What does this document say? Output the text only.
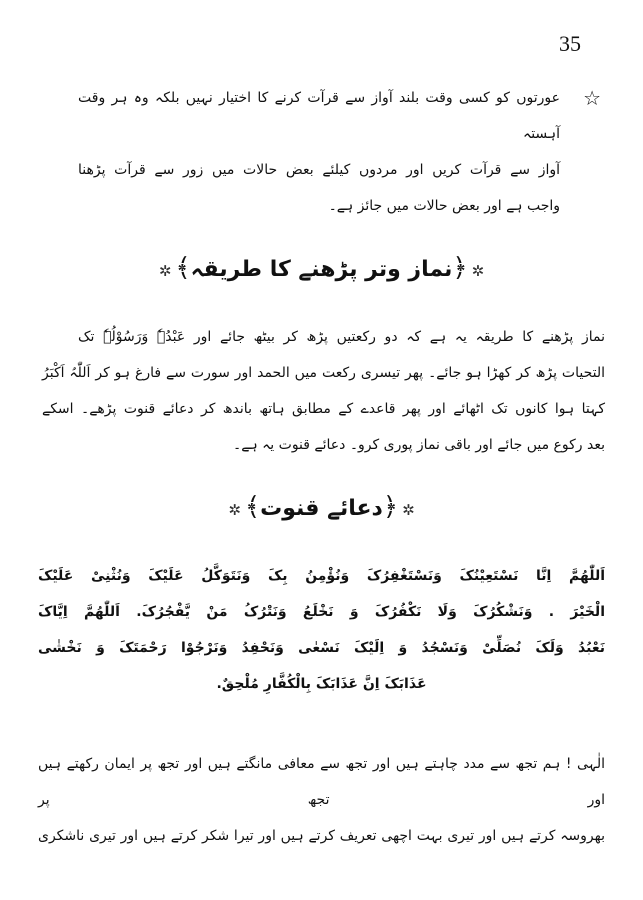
35
☆
عورتوں کو کسی وقت بلند آواز سے قرآت کرنے کا اختیار نہیں بلکہ وہ ہر وقت آہستہ
آواز سے قرآت کریں اور مردوں کیلئے بعض حالات میں زور سے قرآت پڑھنا
واجب ہے اور بعض حالات میں جائز ہے۔
✲﴿نماز وتر پڑھنے کا طریقہ﴾✲
نماز پڑھنے کا طریقہ یہ ہے کہ دو رکعتیں پڑھ کر بیٹھ جائے اور عَبْدُہٗ وَرَسُوْلُہٗ تک
التحیات پڑھ کر کھڑا ہو جائے۔ پھر تیسری رکعت میں الحمد اور سورت سے فارغ ہو کر اَللّٰہُ اَکْبَرُ
کہتا ہوا کانوں تک اٹھائے اور پھر قاعدے کے مطابق ہاتھ باندھ کر دعائے قنوت پڑھے۔ اسکے
بعد رکوع میں جائے اور باقی نماز پوری کرو۔ دعائے قنوت یہ ہے۔
✲﴿دعائے قنوت﴾✲
اَللّٰھُمَّ اِنَّا نَسْتَعِیْنُکَ وَنَسْتَغْفِرُکَ وَنُؤْمِنُ بِکَ وَنَتَوَکَّلُ عَلَیْکَ وَنُثْنِیْ عَلَیْکَ
الْخَیْرَ . وَنَشْکُرُکَ وَلَا نَکْفُرُکَ وَ نَخْلَعُ وَنَتْرُکُ مَنْ یَّفْجُرُکَ. اَللّٰھُمَّ اِیَّاکَ
نَعْبُدُ وَلَکَ نُصَلِّیْ وَنَسْجُدُ وَ اِلَیْکَ نَسْعٰی وَنَحْفِدُ وَنَرْجُوْا رَحْمَتَکَ وَ نَخْشٰی
عَذَابَکَ اِنَّ عَذَابَکَ بِالْکُفَّارِ مُلْحِقٌ.
الٰہی ! ہم تجھ سے مدد چاہتے ہیں اور تجھ سے معافی مانگتے ہیں اور تجھ پر ایمان رکھتے ہیں اور تجھ پر
بھروسہ کرتے ہیں اور تیری بہت اچھی تعریف کرتے ہیں اور تیرا شکر کرتے ہیں اور تیری ناشکری
